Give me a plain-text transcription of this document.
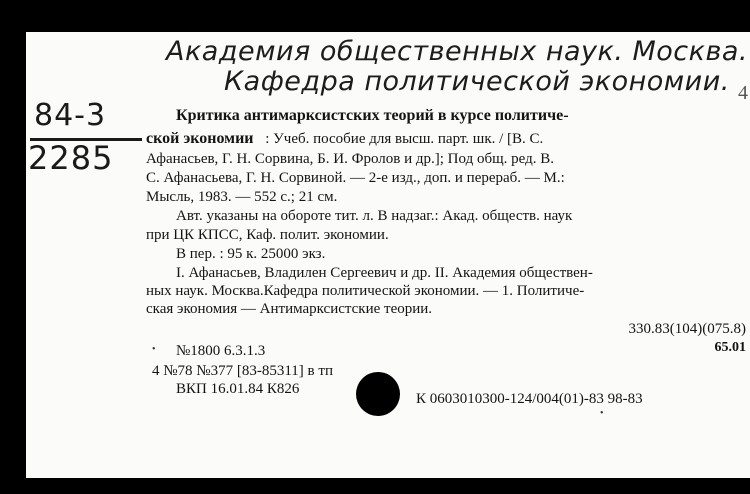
Академия общественных наук. Москва.
Кафедра политической экономии. 4
84-3
2285
Критика антимарксистских теорий в курсе политиче-
ской экономии : Учеб. пособие для высш. парт. шк. / [В. С.
Афанасьев, Г. Н. Сорвина, Б. И. Фролов и др.]; Под общ. ред. В.
С. Афанасьева, Г. Н. Сорвиной. — 2-е изд., доп. и перераб. — М.:
Мысль, 1983. — 552 с.; 21 см.
Авт. указаны на обороте тит. л. В надзаг.: Акад. обществ. наук
при ЦК КПСС, Каф. полит. экономии.
В пер. : 95 к. 25000 экз.
I. Афанасьев, Владилен Сергеевич и др. II. Академия обществен-
ных наук. Москва.Кафедра политической экономии. — 1. Политиче-
ская экономия — Антимарксистские теории.
330.83(104)(075.8)
65.01
№1800 6.3.1.3
4 №78 №377 [83-85311] в тп
ВКП 16.01.84 К826
К 0603010300-124/004(01)-83 98-83
•
•
